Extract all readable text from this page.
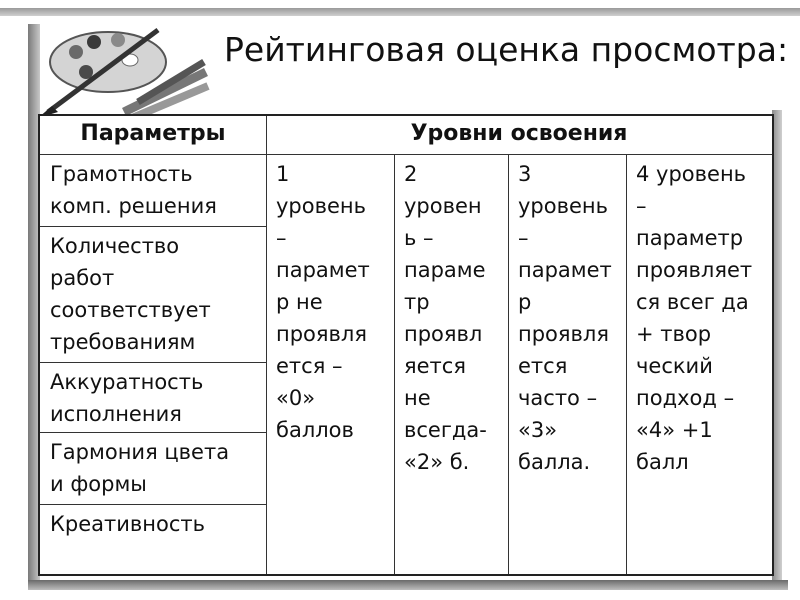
Рейтинговая оценка просмотра:
Параметры	Уровни освоения
Грамотность
комп. решения
Количество
работ
соответствует
требованиям
Аккуратность
исполнения
Гармония цвета
и формы
Креативность
1
уровень
–
парамет
р не
проявля
ется –
«0»
баллов
2
уровен
ь –
параме
тр
проявл
яется
не
всегда-
«2» б.
3
уровень
–
парамет
р
проявля
ется
часто –
«3»
балла.
4 уровень
–
параметр
проявляет
ся всег да
+ твор
ческий
подход –
«4» +1
балл
